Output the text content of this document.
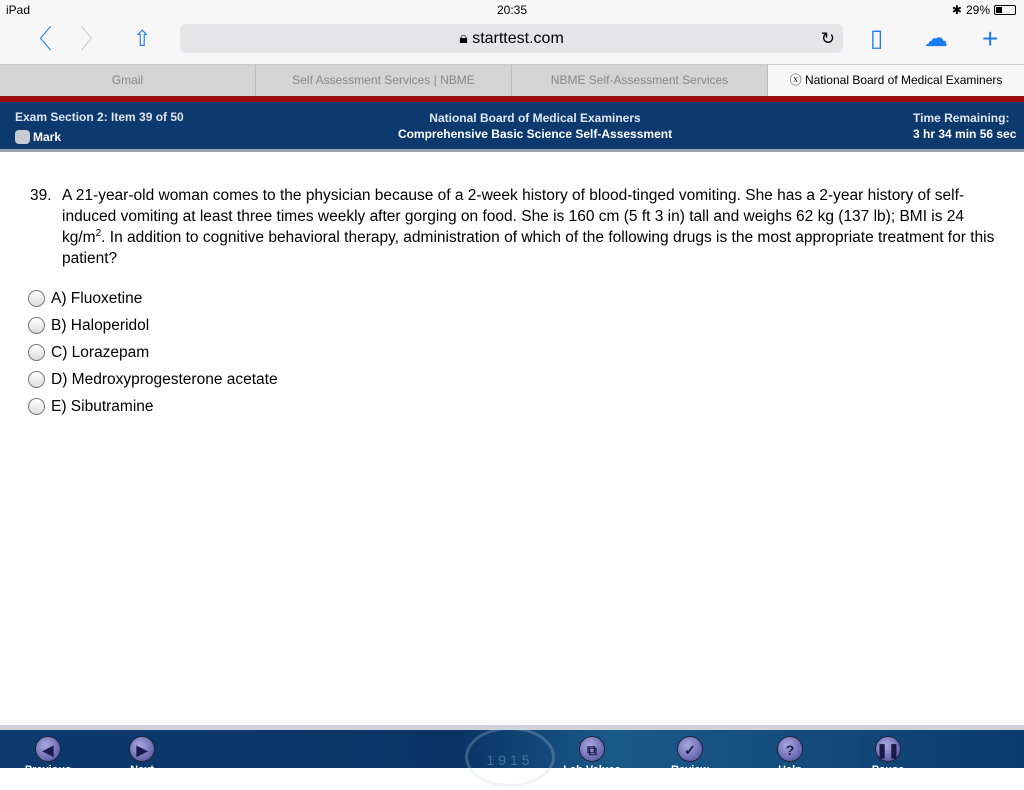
iPad	20:35	✱ 29%
〈 〉 ⇧	🔒︎ starttest.com	↻ ▯ ☁︎ +
Gmail	Self Assessment Services | NBME	NBME Self-Assessment Services	ⓧ National Board of Medical Examiners
Exam Section 2: Item 39 of 50
Mark
National Board of Medical Examiners
Comprehensive Basic Science Self-Assessment
Time Remaining:
3 hr 34 min 56 sec
39. A 21-year-old woman comes to the physician because of a 2-week history of blood-tinged vomiting. She has a 2-year history of self-induced vomiting at least three times weekly after gorging on food. She is 160 cm (5 ft 3 in) tall and weighs 62 kg (137 lb); BMI is 24 $kg/m^2$. In addition to cognitive behavioral therapy, administration of which of the following drugs is the most appropriate treatment for this patient?
A) Fluoxetine
B) Haloperidol
C) Lorazepam
D) Medroxyprogesterone acetate
E) Sibutramine
1915
◀
Previous
▶
Next
⧉
Lab Values
✓
Review
?
Help
❚❚
Pause
